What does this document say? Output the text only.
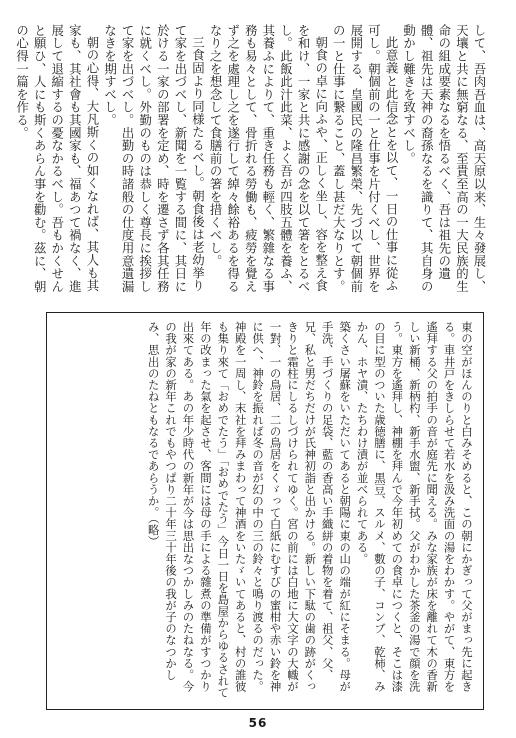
して、吾肉吾血は、高天原以来、生々發展し、天壤と共に無窮なる、至貴至高の一大民族的生命の組成要素なるを悟るべく、吾は祖先の遺體、祖先は天神の裔孫なるを識りて、其自身の動かし難きを致すべし。

此意義と此信念とを以て、一日の仕事に從ふ可し。朝個前の一と仕事を片付くべし、世界を展開する、皇國民の隆昌繁榮、先づ以て朝個前の一と仕事に繋ること、蓋し甚だ大なりとす。

朝食の卓に向ふや、正しく坐し、容を整え食を和け、一家と共に感謝の念を以て箸をとるべし。此飯此汁此菜、よく吾が四肢五體を養ふ、其養ふによりて、重き任務も輕く、繁雜なる事務も易々として、骨折れる勞働も、疲勞を覺えず之を處理し之を遂行して綽々餘裕あるを得るなり之を想念して食膳前の箸を措くべし。

三食固より同様たるべし。朝食後は老幼挙りて家を出づべし、新聞を一覧する間に、其日に於ける一家の部署を定め、時を遷さず各其任務に就くべし。外勤のものは恭しく尊長に挨拶して家を出づべし。出勤の時諸般の仕度用意遺漏なきを期すべし。

朝の心得、大凡斯くの如くなれば、其人も其家も、其社會も其國家も、福あつて禍なく、進展して退縮するの憂なかるべし。吾もかくせんと願ひ、人にも斯くあらん事を勸む。茲に、朝の心得一篇を作る。

東の空がほんのりと白みそめると、この朝にかぎって父がまっ先に起きる。車井戸をきしらせて若水を汲み洗面の湯をわかす。やがて、東方を遙拜する父の拍手の音が庭先に聞える。みな家族が床を離れて木の香新しい新桶、新柄杓、新手水盥、新手拭。父がわかした茶釜の湯で顔を洗う。東方を遙拜し、神棚を拜んで今年初めての食卓につくと、そこは漆の目に型のついた歳徳膳に、黒豆、スルメ、數の子、コンブ、乾柿、みかん、ホヤ漬、たちわけ漬が並べられてある。

築くさい屠蘇をいただいてあると朝陽に東の山の端が紅にそまる。母が手洗、手づくりの足袋、藍の香高い手織絣の着物を着て、祖父、父、兄、私と男だちだけが氏神初詣と出かける。新しい下駄の歯の跡がくっきりと霜柱にしるしづけられてゆく。宮の前には白地に大文字の大幟が一對、一の鳥居、二の鳥居をくゞって白紙にむすびの蜜柑や赤い鈴を神に供へ、神鈴を振れば冬の音が幻の中の三の鈴々と鳴り渡るのだった。

神殿を一周し、末社を拜みまわって神酒をいたゞいてあると、村の誰彼も集り來て「おめでたう」「おめでたう」今日一日を島屋からゆるされて年の改まった氣を起させ、客間には母の手による雜煮の準備がすつかり出來てある。あの年少時代の新年が今は思出なつかしみのたねなる。今の我が家の新年これでもやつぱり二十年三十年後の我が子のなつかしみ、思出のたねともなるであらうか。（略）

56
